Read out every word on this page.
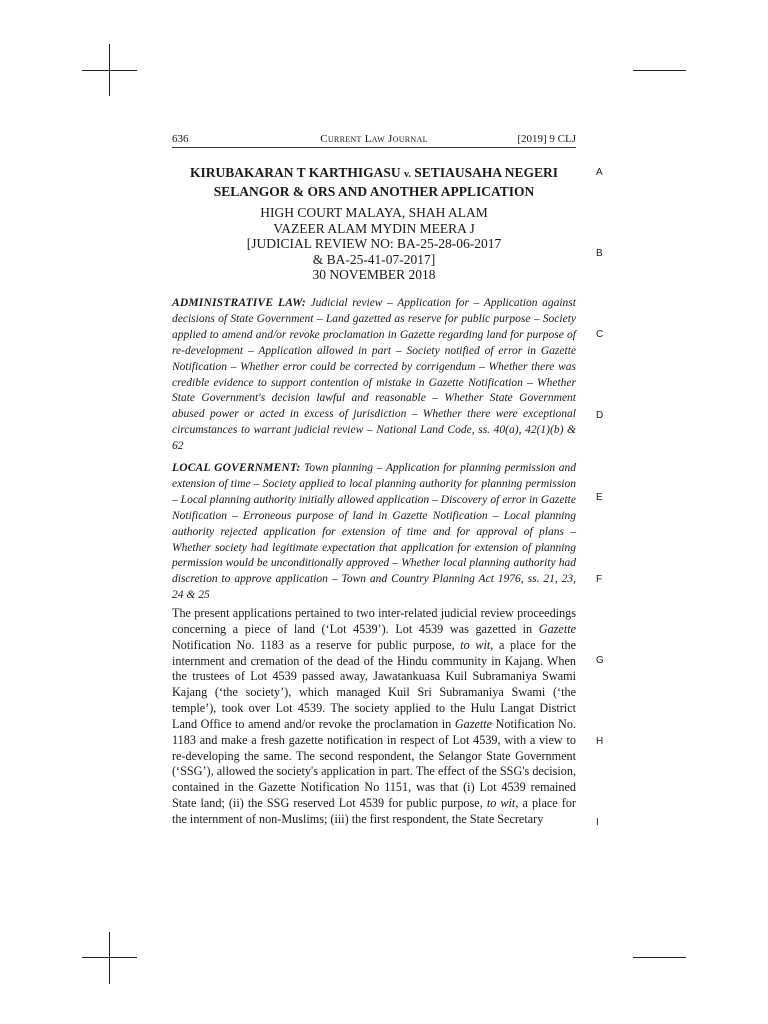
636	Current Law Journal	[2019] 9 CLJ
KIRUBAKARAN T KARTHIGASU v. SETIAUSAHA NEGERI
SELANGOR & ORS AND ANOTHER APPLICATION
HIGH COURT MALAYA, SHAH ALAM
VAZEER ALAM MYDIN MEERA J
[JUDICIAL REVIEW NO: BA-25-28-06-2017
& BA-25-41-07-2017]
30 NOVEMBER 2018

ADMINISTRATIVE LAW: Judicial review – Application for – Application against decisions of State Government – Land gazetted as reserve for public purpose – Society applied to amend and/or revoke proclamation in Gazette regarding land for purpose of re-development – Application allowed in part – Society notified of error in Gazette Notification – Whether error could be corrected by corrigendum – Whether there was credible evidence to support contention of mistake in Gazette Notification – Whether State Government's decision lawful and reasonable – Whether State Government abused power or acted in excess of jurisdiction – Whether there were exceptional circumstances to warrant judicial review – National Land Code, ss. 40(a), 42(1)(b) & 62

LOCAL GOVERNMENT: Town planning – Application for planning permission and extension of time – Society applied to local planning authority for planning permission – Local planning authority initially allowed application – Discovery of error in Gazette Notification – Erroneous purpose of land in Gazette Notification – Local planning authority rejected application for extension of time and for approval of plans – Whether society had legitimate expectation that application for extension of planning permission would be unconditionally approved – Whether local planning authority had discretion to approve application – Town and Country Planning Act 1976, ss. 21, 23, 24 & 25

The present applications pertained to two inter-related judicial review proceedings concerning a piece of land (‘Lot 4539’). Lot 4539 was gazetted in Gazette Notification No. 1183 as a reserve for public purpose, to wit, a place for the internment and cremation of the dead of the Hindu community in Kajang. When the trustees of Lot 4539 passed away, Jawatankuasa Kuil Subramaniya Swami Kajang (‘the society’), which managed Kuil Sri Subramaniya Swami (‘the temple’), took over Lot 4539. The society applied to the Hulu Langat District Land Office to amend and/or revoke the proclamation in Gazette Notification No. 1183 and make a fresh gazette notification in respect of Lot 4539, with a view to re-developing the same. The second respondent, the Selangor State Government (‘SSG’), allowed the society's application in part. The effect of the SSG's decision, contained in the Gazette Notification No 1151, was that (i) Lot 4539 remained State land; (ii) the SSG reserved Lot 4539 for public purpose, to wit, a place for the internment of non-Muslims; (iii) the first respondent, the State Secretary

A
B
C
D
E
F
G
H
I
